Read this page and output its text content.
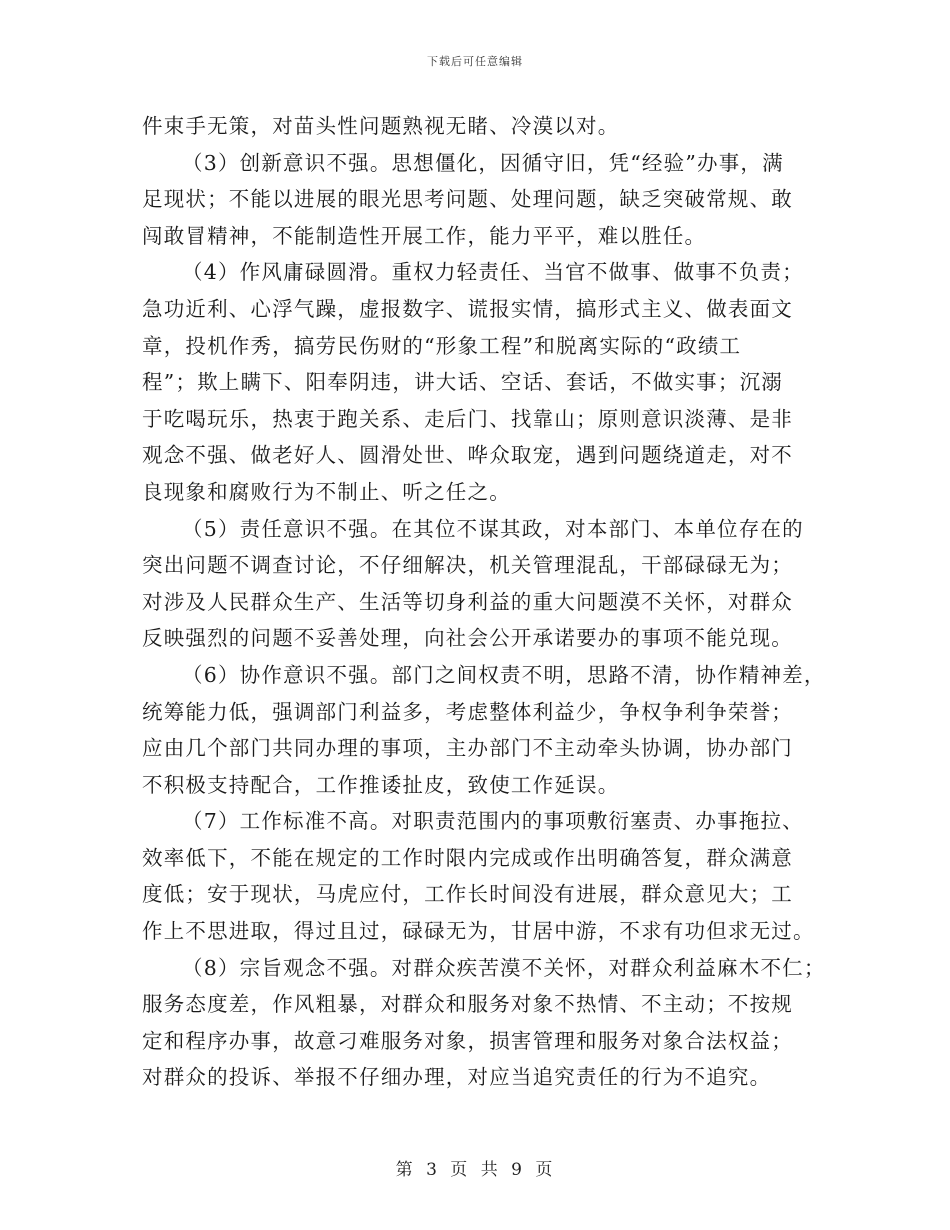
下载后可任意编辑
件束手无策，对苗头性问题熟视无睹、冷漠以对。
（3）创新意识不强。思想僵化，因循守旧，凭“经验”办事，满
足现状；不能以进展的眼光思考问题、处理问题，缺乏突破常规、敢
闯敢冒精神，不能制造性开展工作，能力平平，难以胜任。
（4）作风庸碌圆滑。重权力轻责任、当官不做事、做事不负责；
急功近利、心浮气躁，虚报数字、谎报实情，搞形式主义、做表面文
章，投机作秀，搞劳民伤财的“形象工程”和脱离实际的“政绩工
程”；欺上瞒下、阳奉阴违，讲大话、空话、套话，不做实事；沉溺
于吃喝玩乐，热衷于跑关系、走后门、找靠山；原则意识淡薄、是非
观念不强、做老好人、圆滑处世、哗众取宠，遇到问题绕道走，对不
良现象和腐败行为不制止、听之任之。
（5）责任意识不强。在其位不谋其政，对本部门、本单位存在的
突出问题不调查讨论，不仔细解决，机关管理混乱，干部碌碌无为；
对涉及人民群众生产、生活等切身利益的重大问题漠不关怀，对群众
反映强烈的问题不妥善处理，向社会公开承诺要办的事项不能兑现。
（6）协作意识不强。部门之间权责不明，思路不清，协作精神差，
统筹能力低，强调部门利益多，考虑整体利益少，争权争利争荣誉；
应由几个部门共同办理的事项，主办部门不主动牵头协调，协办部门
不积极支持配合，工作推诿扯皮，致使工作延误。
（7）工作标准不高。对职责范围内的事项敷衍塞责、办事拖拉、
效率低下，不能在规定的工作时限内完成或作出明确答复，群众满意
度低；安于现状，马虎应付，工作长时间没有进展，群众意见大；工
作上不思进取，得过且过，碌碌无为，甘居中游，不求有功但求无过。
（8）宗旨观念不强。对群众疾苦漠不关怀，对群众利益麻木不仁；
服务态度差，作风粗暴，对群众和服务对象不热情、不主动；不按规
定和程序办事，故意刁难服务对象，损害管理和服务对象合法权益；
对群众的投诉、举报不仔细办理，对应当追究责任的行为不追究。
第 3 页 共 9 页
